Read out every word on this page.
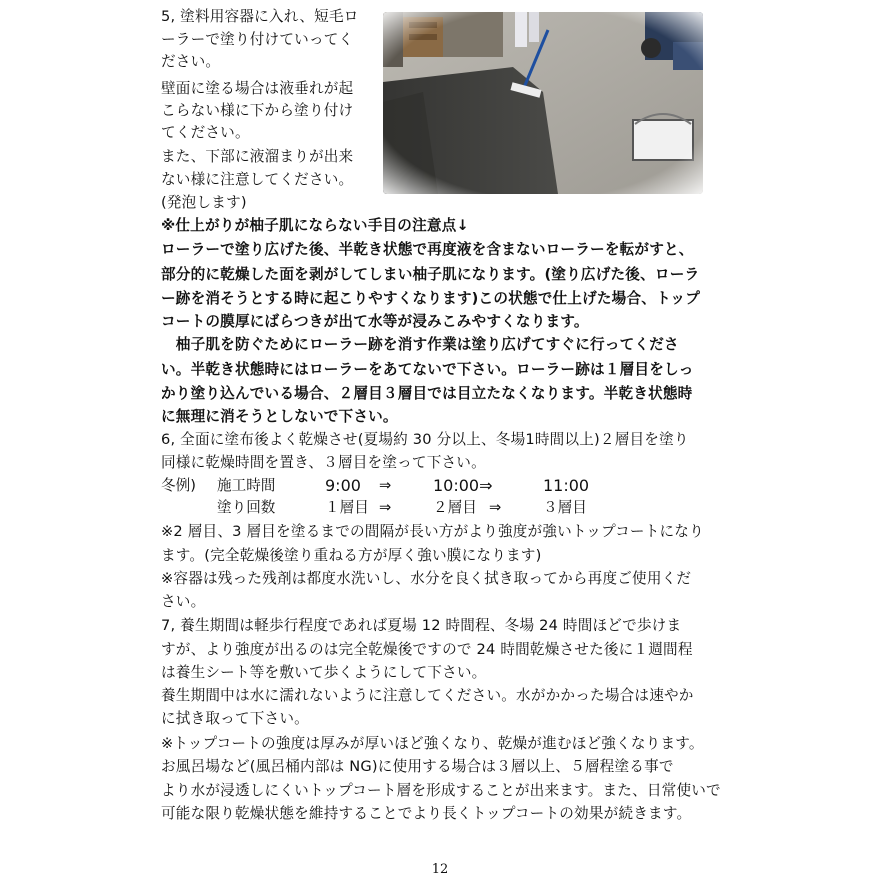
5, 塗料用容器に入れ、短毛ロ
ーラーで塗り付けていってく
ださい。
壁面に塗る場合は液垂れが起
こらない様に下から塗り付け
てください。
また、下部に液溜まりが出来
ない様に注意してください。
(発泡します)
※仕上がりが柚子肌にならない手目の注意点↓
ローラーで塗り広げた後、半乾き状態で再度液を含まないローラーを転がすと、
部分的に乾燥した面を剥がしてしまい柚子肌になります。(塗り広げた後、ローラ
ー跡を消そうとする時に起こりやすくなります)この状態で仕上げた場合、トップ
コートの膜厚にばらつきが出て水等が浸みこみやすくなります。
　柚子肌を防ぐためにローラー跡を消す作業は塗り広げてすぐに行ってくださ
い。半乾き状態時にはローラーをあてないで下さい。ローラー跡は１層目をしっ
かり塗り込んでいる場合、２層目３層目では目立たなくなります。半乾き状態時
に無理に消そうとしないで下さい。
6, 全面に塗布後よく乾燥させ(夏場約 30 分以上、冬場1時間以上)２層目を塗り
同様に乾燥時間を置き、３層目を塗って下さい。
冬例) 施工時間	9:00 ⇒	10:00⇒	11:00
塗り回数	１層目 ⇒	２層目 ⇒	３層目
※2 層目、3 層目を塗るまでの間隔が長い方がより強度が強いトップコートになり
ます。(完全乾燥後塗り重ねる方が厚く強い膜になります)
※容器は残った残剤は都度水洗いし、水分を良く拭き取ってから再度ご使用くだ
さい。
7, 養生期間は軽歩行程度であれば夏場 12 時間程、冬場 24 時間ほどで歩けま
すが、より強度が出るのは完全乾燥後ですので 24 時間乾燥させた後に１週間程
は養生シート等を敷いて歩くようにして下さい。
養生期間中は水に濡れないように注意してください。水がかかった場合は速やか
に拭き取って下さい。
※トップコートの強度は厚みが厚いほど強くなり、乾燥が進むほど強くなります。
お風呂場など(風呂桶内部は NG)に使用する場合は３層以上、５層程塗る事で
より水が浸透しにくいトップコート層を形成することが出来ます。また、日常使いで
可能な限り乾燥状態を維持することでより長くトップコートの効果が続きます。
12
